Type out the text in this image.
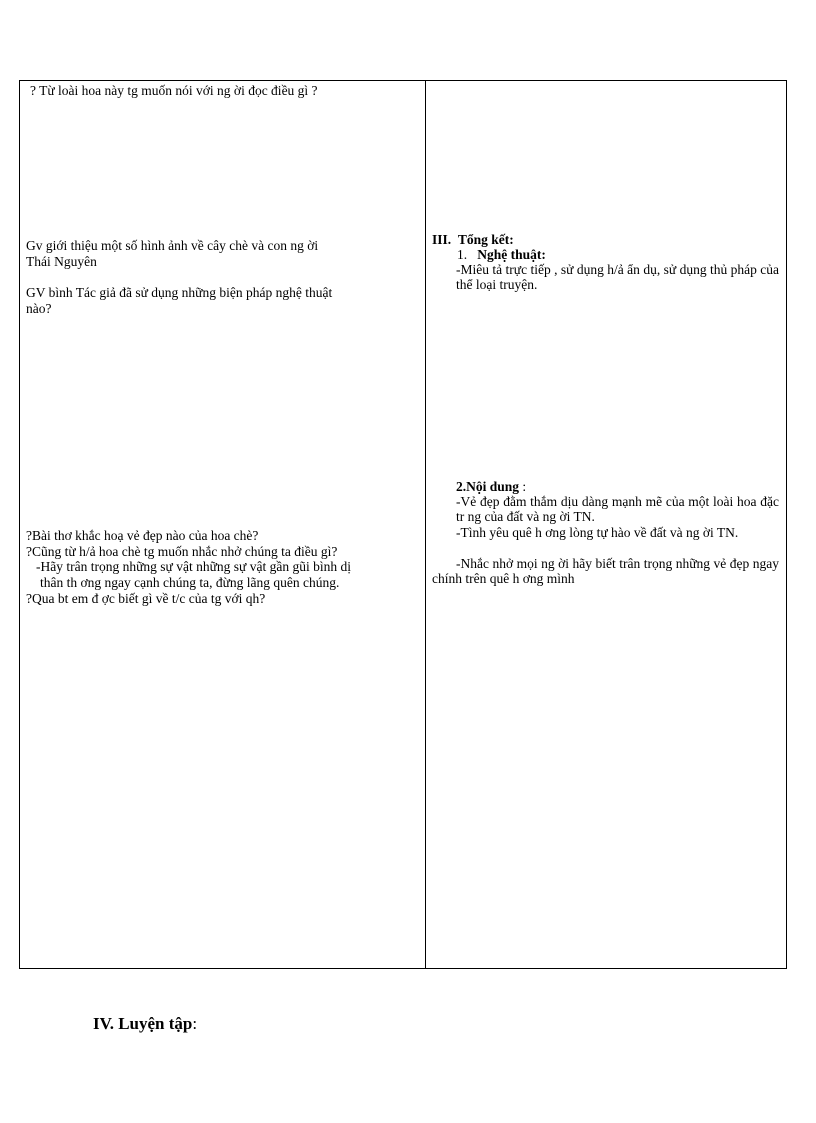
? Từ loài hoa này tg muốn nói với ng ời đọc điều gì ?
Gv giới thiệu một số hình ảnh về cây chè và con ng ời
Thái Nguyên
GV bình Tác giả đã sử dụng những biện pháp nghệ thuật
nào?
?Bài thơ khắc hoạ vẻ đẹp nào của hoa chè?
?Cũng từ h/ả hoa chè tg muốn nhắc nhở chúng ta điều gì?
-Hãy trân trọng những sự vật những sự vật gần gũi bình dị
thân th ơng ngay cạnh chúng ta, đừng lãng quên chúng.
?Qua bt em đ ợc biết gì về t/c của tg với qh?
III. Tổng kết:
1. Nghệ thuật:
-Miêu tả trực tiếp , sử dụng h/ả ẩn dụ, sử dụng thủ pháp của thể loại truyện.
2.Nội dung :
-Vẻ đẹp đằm thắm dịu dàng mạnh mẽ của một loài hoa đặc tr ng của đất và ng ời TN.
-Tình yêu quê h ơng lòng tự hào về đất và ng ời TN.
-Nhắc nhở mọi ng ời hãy biết trân trọng những vẻ đẹp ngay chính trên quê h ơng mình
IV. Luyện tập:
